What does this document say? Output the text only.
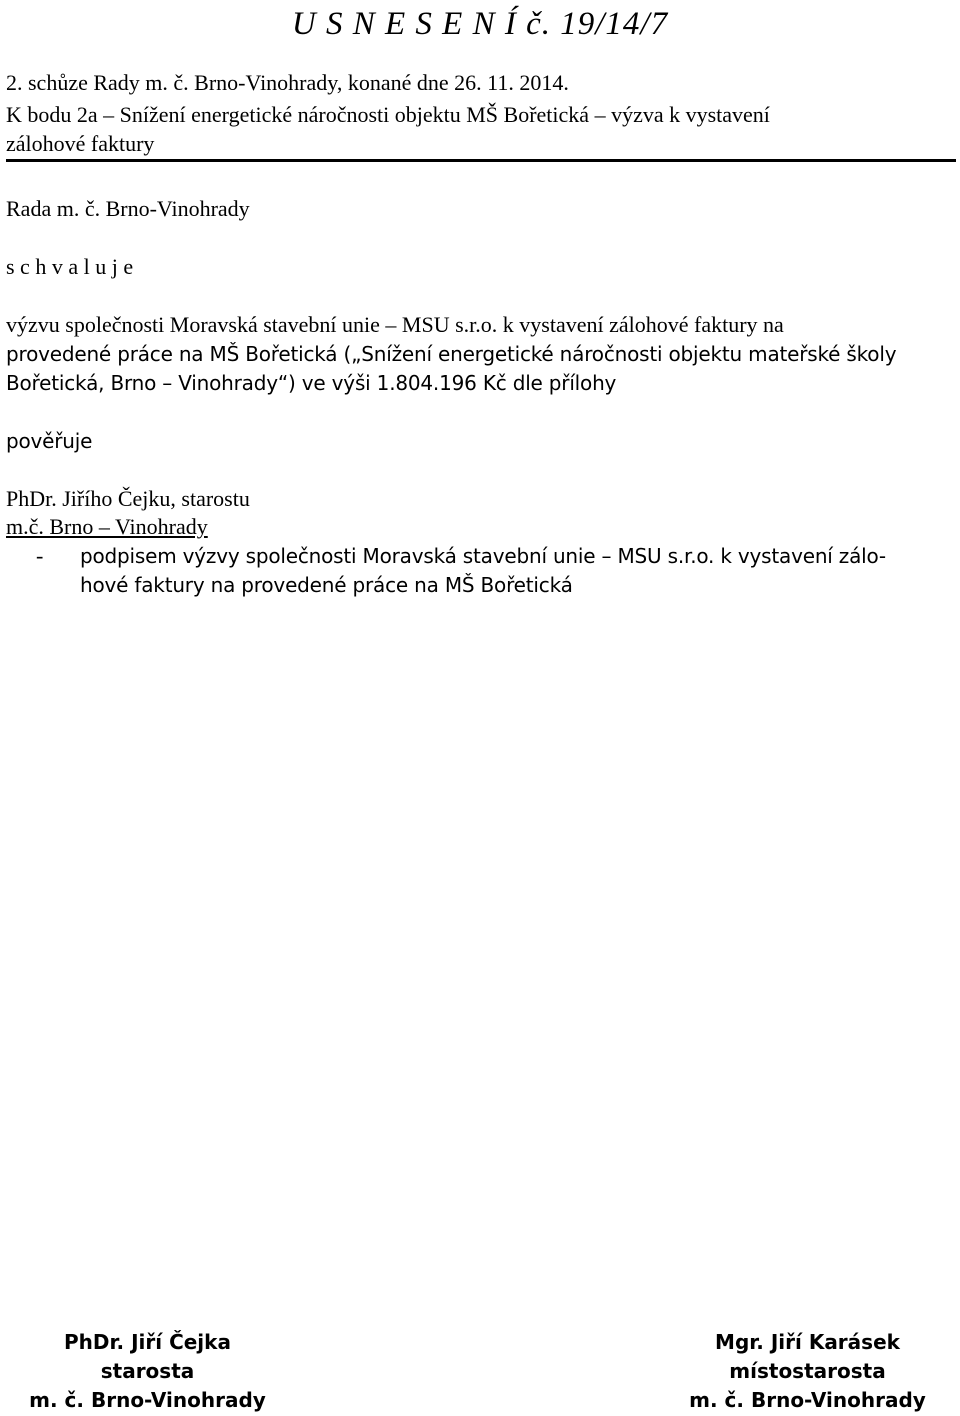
U S N E S E N Í č. 19/14/7
2. schůze Rady m. č. Brno-Vinohrady, konané dne 26. 11. 2014.
K bodu 2a – Snížení energetické náročnosti objektu MŠ Bořetická – výzva k vystavení
zálohové faktury
Rada m. č. Brno-Vinohrady
s c h v a l u j e
výzvu společnosti Moravská stavební unie – MSU s.r.o. k vystavení zálohové faktury na
provedené práce na MŠ Bořetická („Snížení energetické náročnosti objektu mateřské školy
Bořetická, Brno – Vinohrady“) ve výši 1.804.196 Kč dle přílohy
pověřuje
PhDr. Jiřího Čejku, starostu
m.č. Brno – Vinohrady
- podpisem výzvy společnosti Moravská stavební unie – MSU s.r.o. k vystavení zálo-
hové faktury na provedené práce na MŠ Bořetická
PhDr. Jiří Čejka
starosta
m. č. Brno-Vinohrady
Mgr. Jiří Karásek
místostarosta
m. č. Brno-Vinohrady
